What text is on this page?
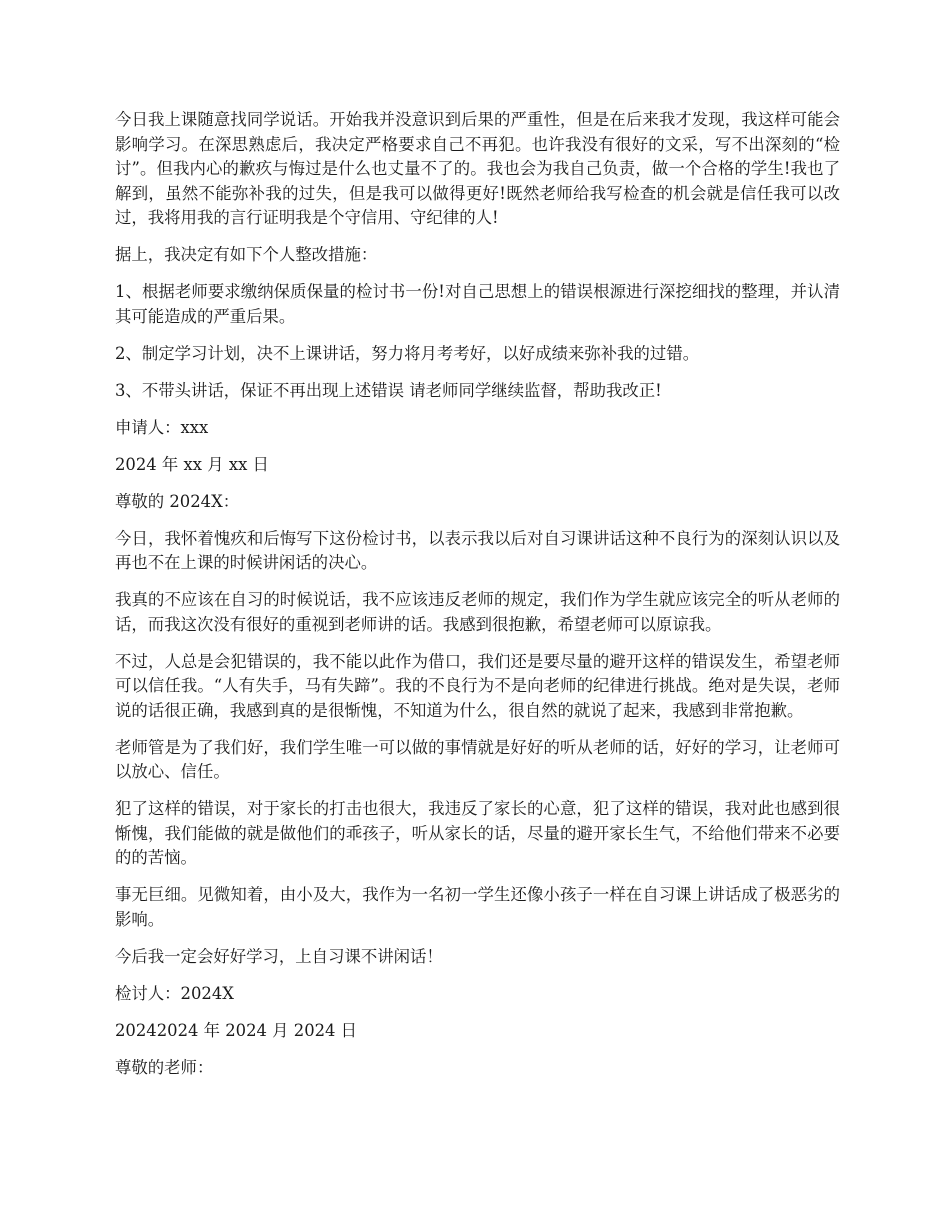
今日我上课随意找同学说话。开始我并没意识到后果的严重性，但是在后来我才发现，我这样可能会影响学习。在深思熟虑后，我决定严格要求自己不再犯。也许我没有很好的文采，写不出深刻的“检讨”。但我内心的歉疚与悔过是什么也丈量不了的。我也会为我自己负责，做一个合格的学生!我也了解到，虽然不能弥补我的过失，但是我可以做得更好!既然老师给我写检查的机会就是信任我可以改过，我将用我的言行证明我是个守信用、守纪律的人!

据上，我决定有如下个人整改措施：

1、根据老师要求缴纳保质保量的检讨书一份!对自己思想上的错误根源进行深挖细找的整理，并认清其可能造成的严重后果。

2、制定学习计划，决不上课讲话，努力将月考考好，以好成绩来弥补我的过错。

3、不带头讲话，保证不再出现上述错误 请老师同学继续监督，帮助我改正!

申请人：xxx

2024 年 xx 月 xx 日

尊敬的 2024X：

今日，我怀着愧疚和后悔写下这份检讨书，以表示我以后对自习课讲话这种不良行为的深刻认识以及再也不在上课的时候讲闲话的决心。

我真的不应该在自习的时候说话，我不应该违反老师的规定，我们作为学生就应该完全的听从老师的话，而我这次没有很好的重视到老师讲的话。我感到很抱歉，希望老师可以原谅我。

不过，人总是会犯错误的，我不能以此作为借口，我们还是要尽量的避开这样的错误发生，希望老师可以信任我。“人有失手，马有失蹄”。我的不良行为不是向老师的纪律进行挑战。绝对是失误，老师说的话很正确，我感到真的是很惭愧，不知道为什么，很自然的就说了起来，我感到非常抱歉。

老师管是为了我们好，我们学生唯一可以做的事情就是好好的听从老师的话，好好的学习，让老师可以放心、信任。

犯了这样的错误，对于家长的打击也很大，我违反了家长的心意，犯了这样的错误，我对此也感到很惭愧，我们能做的就是做他们的乖孩子，听从家长的话，尽量的避开家长生气，不给他们带来不必要的的苦恼。

事无巨细。见微知着，由小及大，我作为一名初一学生还像小孩子一样在自习课上讲话成了极恶劣的影响。

今后我一定会好好学习，上自习课不讲闲话！

检讨人：2024X

20242024 年 2024 月 2024 日

尊敬的老师：
